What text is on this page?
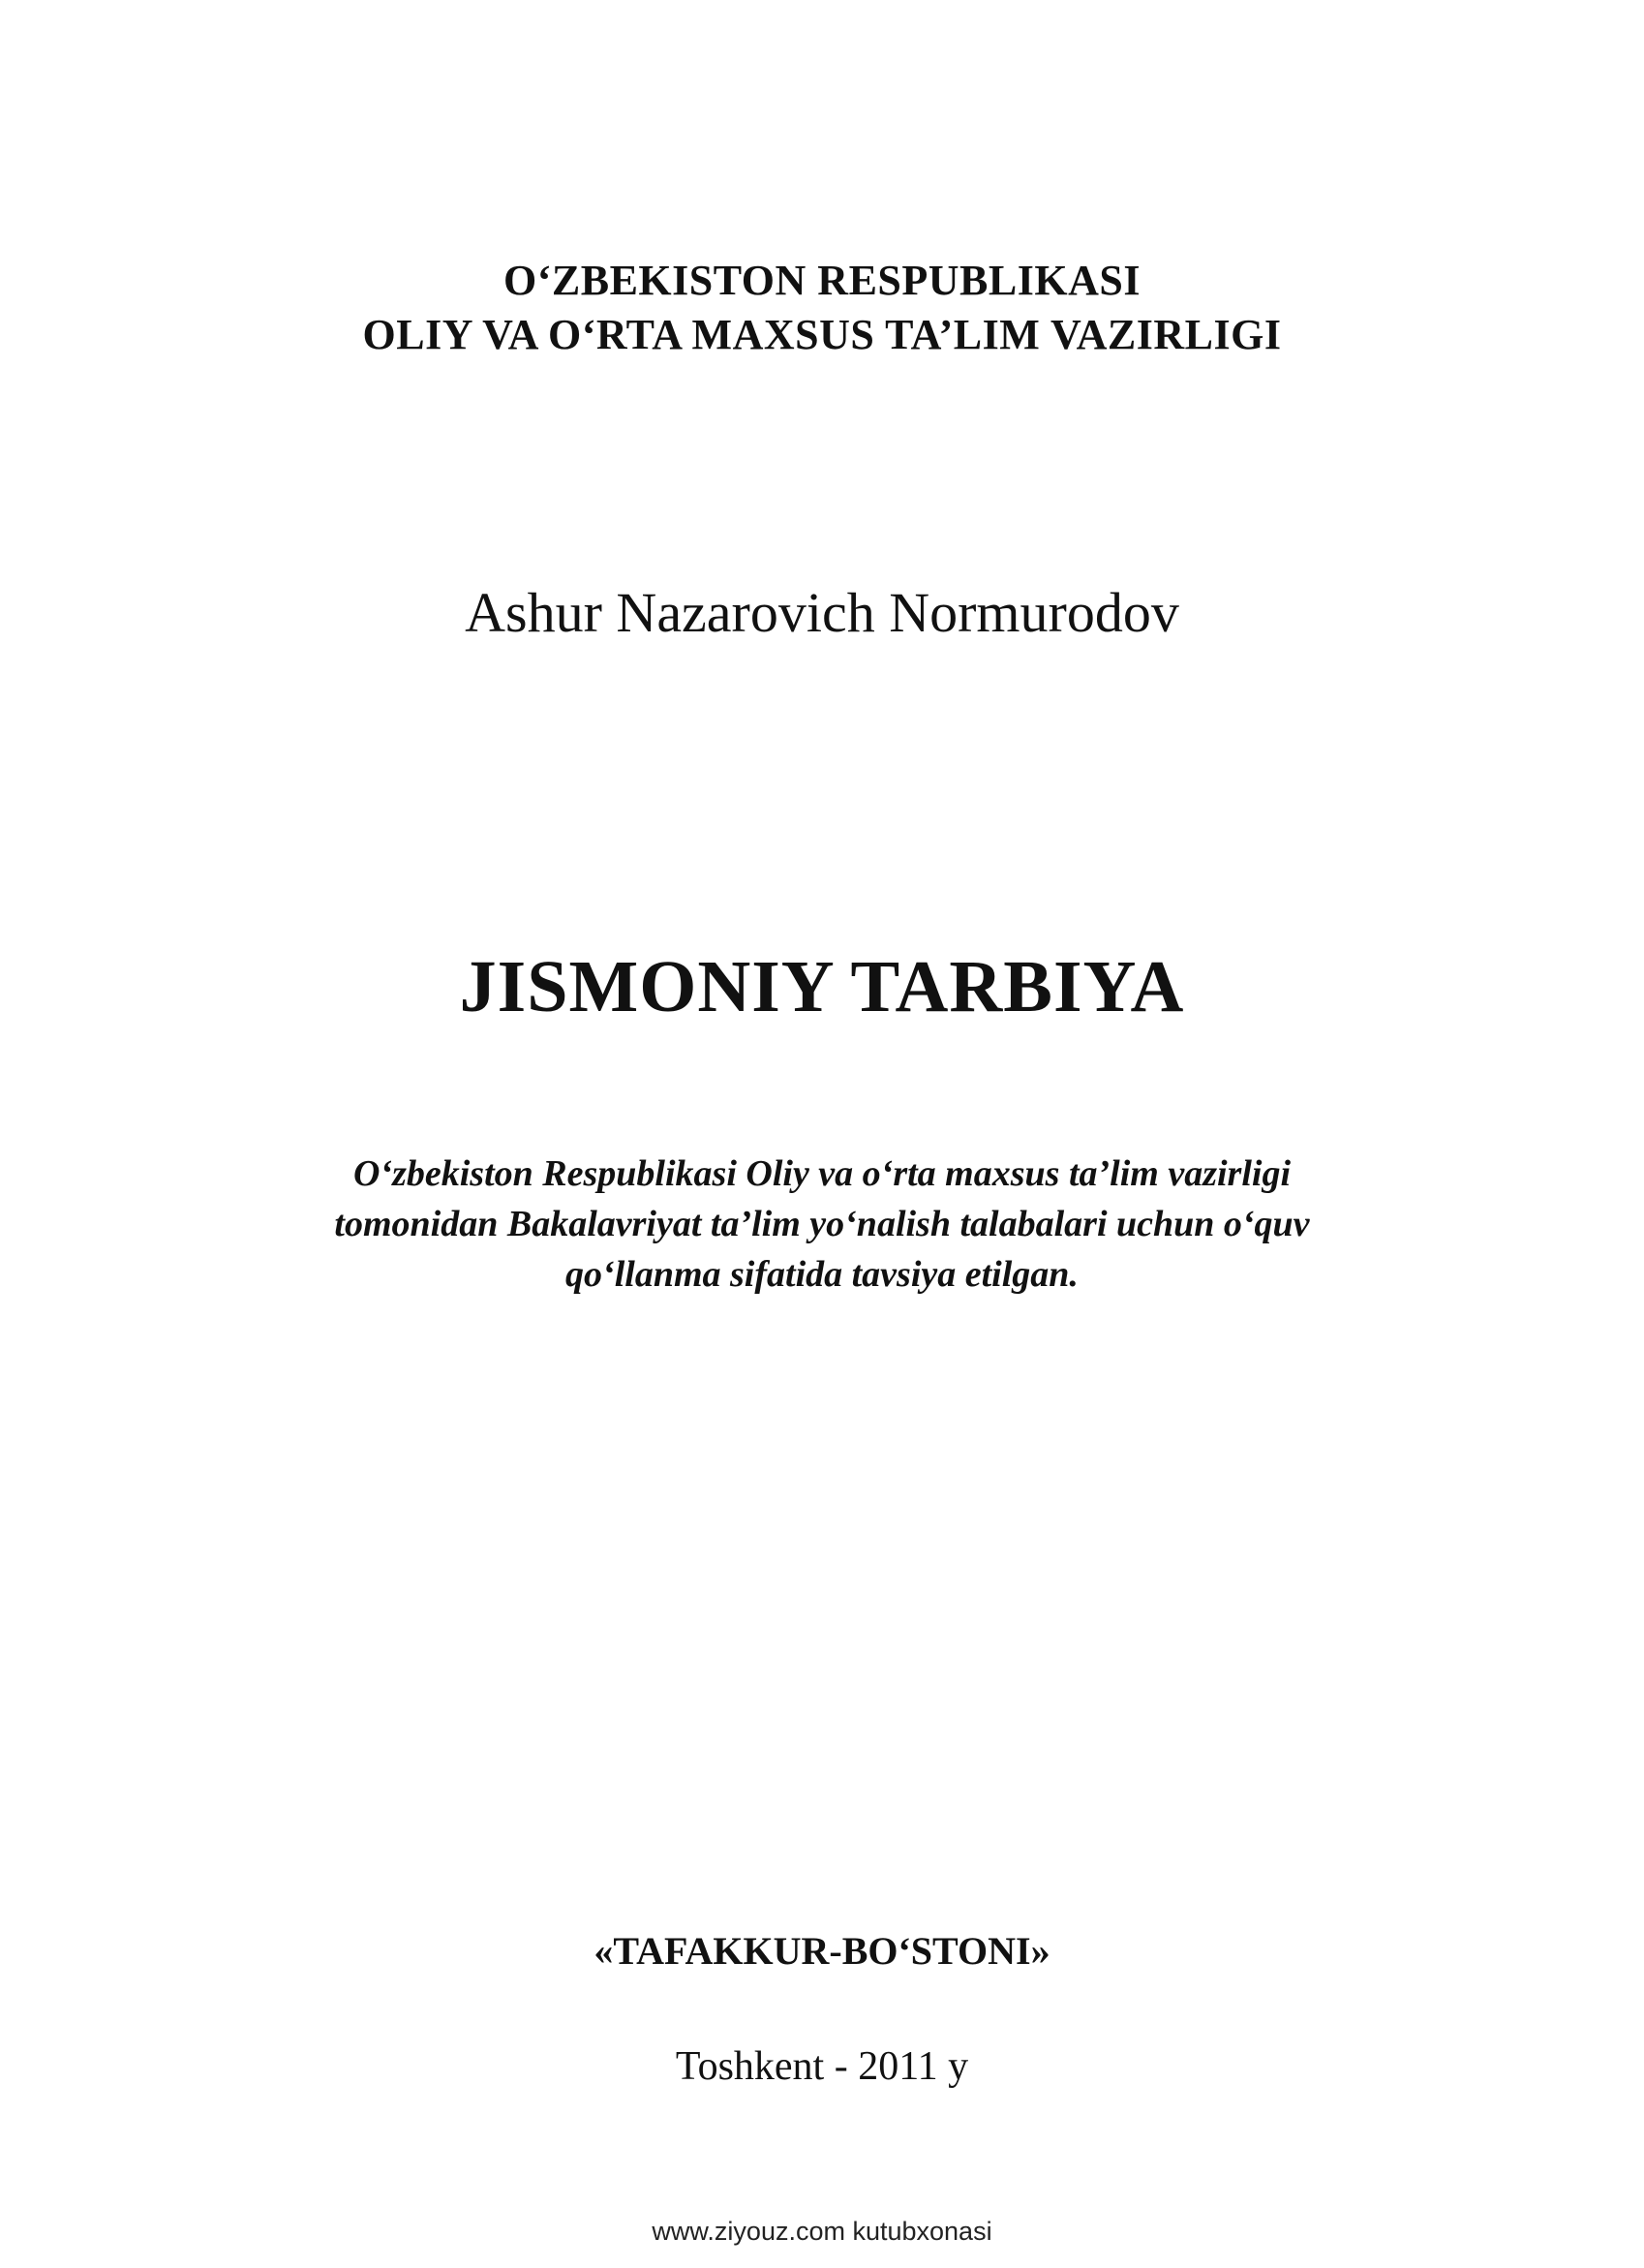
O‘ZBEKISTON RESPUBLIKASI
OLIY VA O‘RTA MAXSUS TA’LIM VAZIRLIGI
Ashur Nazarovich Normurodov
JISMONIY TARBIYA
O‘zbekiston Respublikasi Oliy va o‘rta maxsus ta’lim vazirligi
tomonidan Bakalavriyat ta’lim yo‘nalish talabalari uchun o‘quv
qo‘llanma sifatida tavsiya etilgan.
«TAFAKKUR-BO‘STONI»
Toshkent - 2011 y
www.ziyouz.com kutubxonasi
